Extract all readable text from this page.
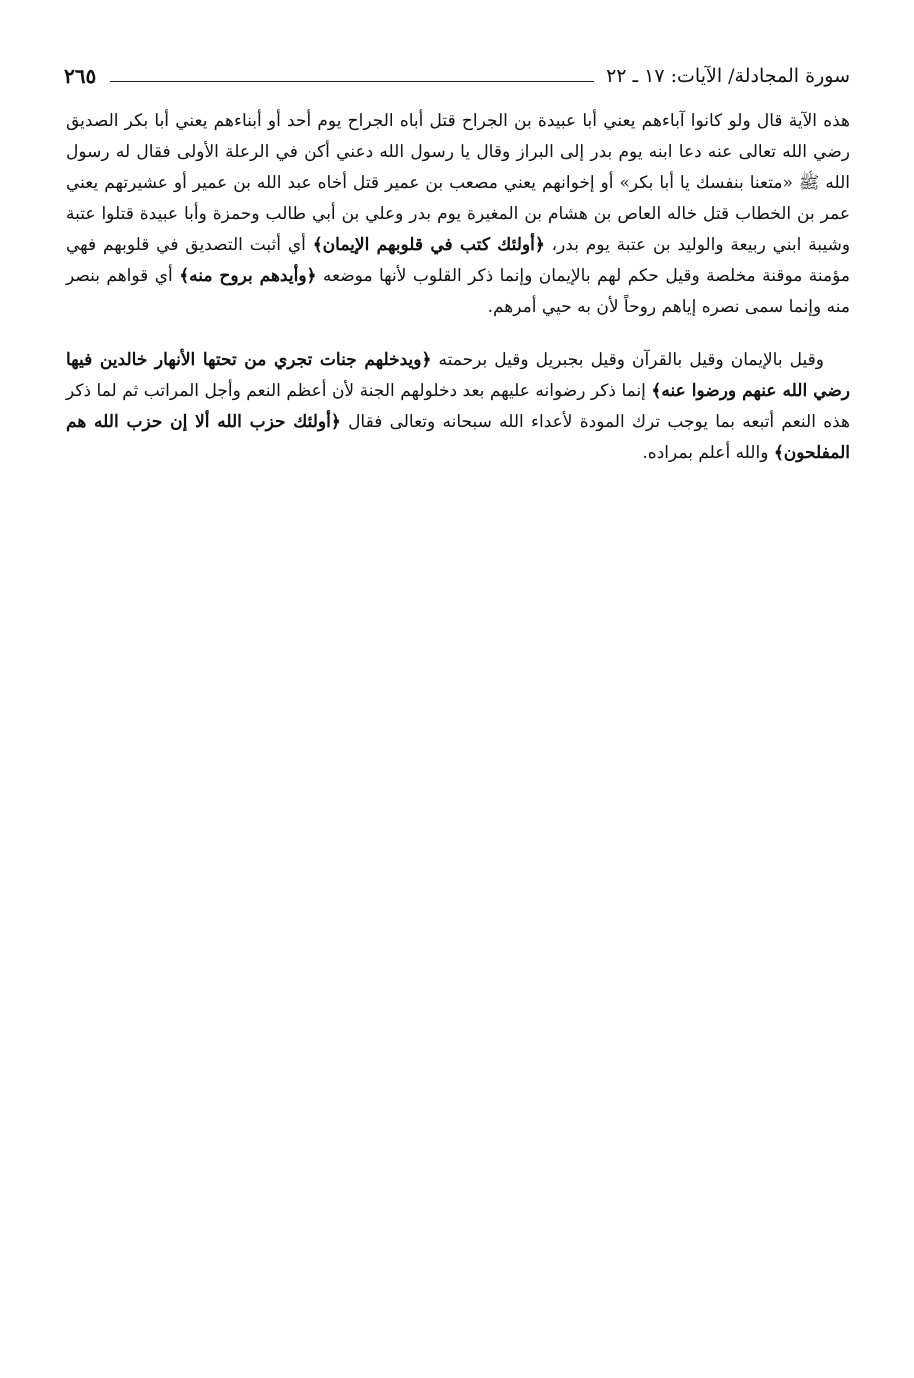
سورة المجادلة/ الآيات: ١٧ ـ ٢٢
٢٦٥

هذه الآية قال ولو كانوا آباءهم يعني أبا عبيدة بن الجراح قتل أباه الجراح يوم أحد أو أبناءهم يعني أبا بكر الصديق رضي الله تعالى عنه دعا ابنه يوم بدر إلى البراز وقال يا رسول الله دعني أكن في الرعلة الأولى فقال له رسول الله ﷺ «متعنا بنفسك يا أبا بكر» أو إخوانهم يعني مصعب بن عمير قتل أخاه عبد الله بن عمير أو عشيرتهم يعني عمر بن الخطاب قتل خاله العاص بن هشام بن المغيرة يوم بدر وعلي بن أبي طالب وحمزة وأبا عبيدة قتلوا عتبة وشيبة ابني ربيعة والوليد بن عتبة يوم بدر، ﴿أولئك كتب في قلوبهم الإيمان﴾ أي أثبت التصديق في قلوبهم فهي مؤمنة موقنة مخلصة وقيل حكم لهم بالإيمان وإنما ذكر القلوب لأنها موضعه ﴿وأيدهم بروح منه﴾ أي قواهم بنصر منه وإنما سمى نصره إياهم روحاً لأن به حيي أمرهم.

وقيل بالإيمان وقيل بالقرآن وقيل بجبريل وقيل برحمته ﴿ويدخلهم جنات تجري من تحتها الأنهار خالدين فيها رضي الله عنهم ورضوا عنه﴾ إنما ذكر رضوانه عليهم بعد دخلولهم الجنة لأن أعظم النعم وأجل المراتب ثم لما ذكر هذه النعم أتبعه بما يوجب ترك المودة لأعداء الله سبحانه وتعالى فقال ﴿أولئك حزب الله ألا إن حزب الله هم المفلحون﴾ والله أعلم بمراده.
